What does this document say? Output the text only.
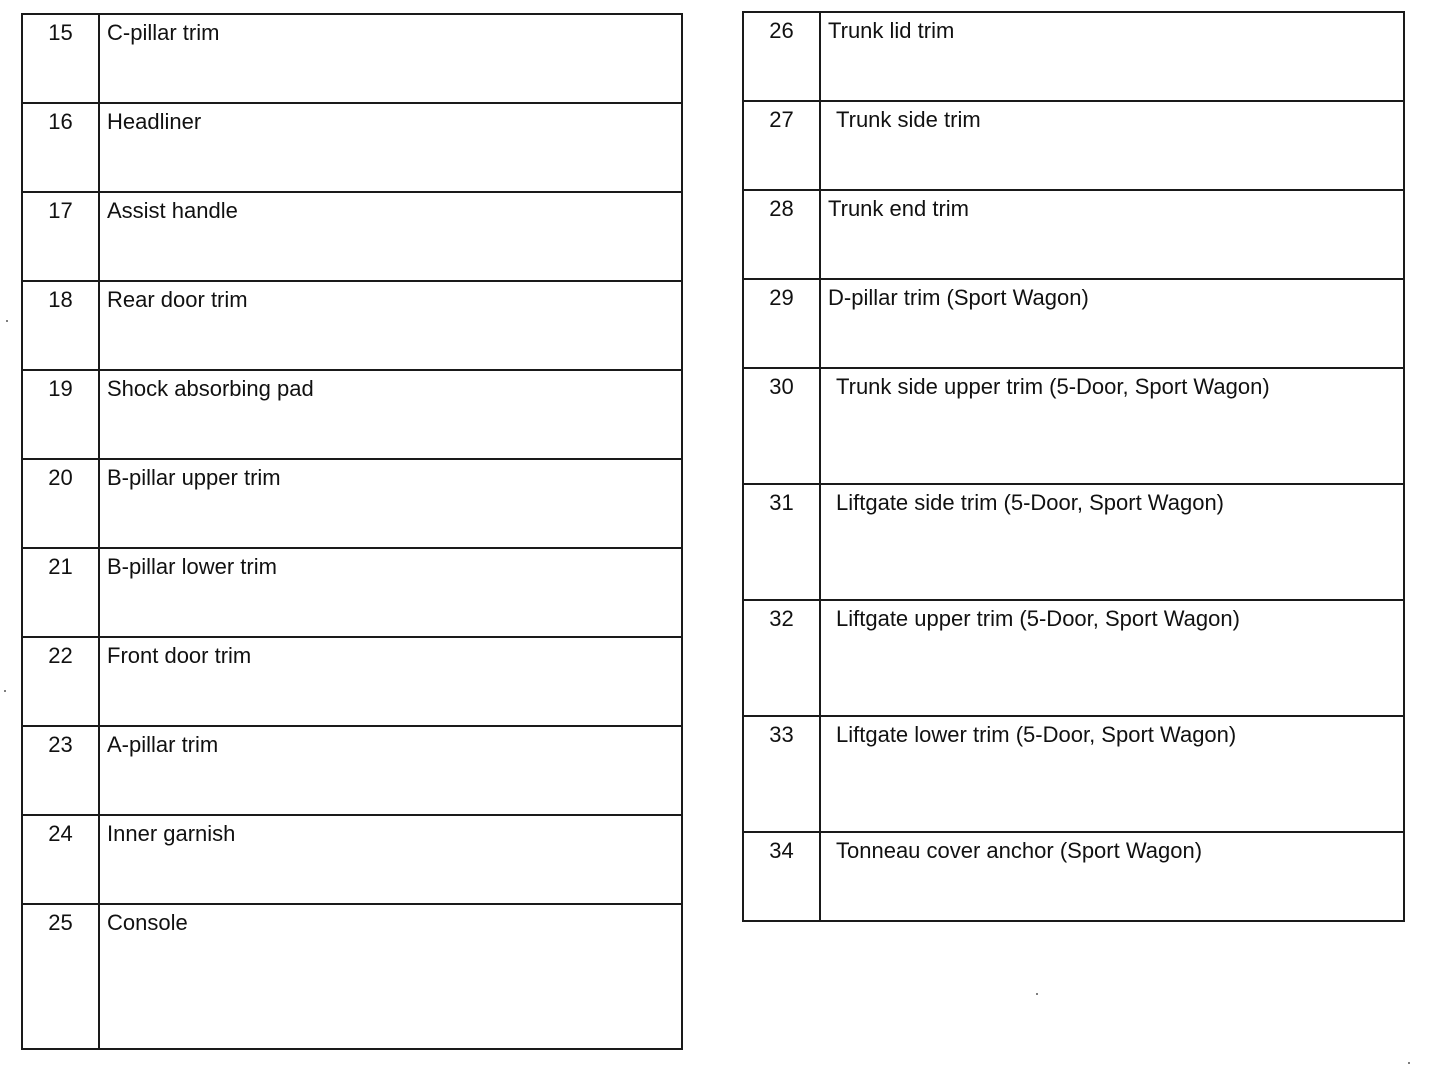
15	C-pillar trim
16	Headliner
17	Assist handle
18	Rear door trim
19	Shock absorbing pad
20	B-pillar upper trim
21	B-pillar lower trim
22	Front door trim
23	A-pillar trim
24	Inner garnish
25	Console
26	Trunk lid trim
27	Trunk side trim
28	Trunk end trim
29	D-pillar trim (Sport Wagon)
30	Trunk side upper trim (5-Door, Sport Wagon)
31	Liftgate side trim (5-Door, Sport Wagon)
32	Liftgate upper trim (5-Door, Sport Wagon)
33	Liftgate lower trim (5-Door, Sport Wagon)
34	Tonneau cover anchor (Sport Wagon)
